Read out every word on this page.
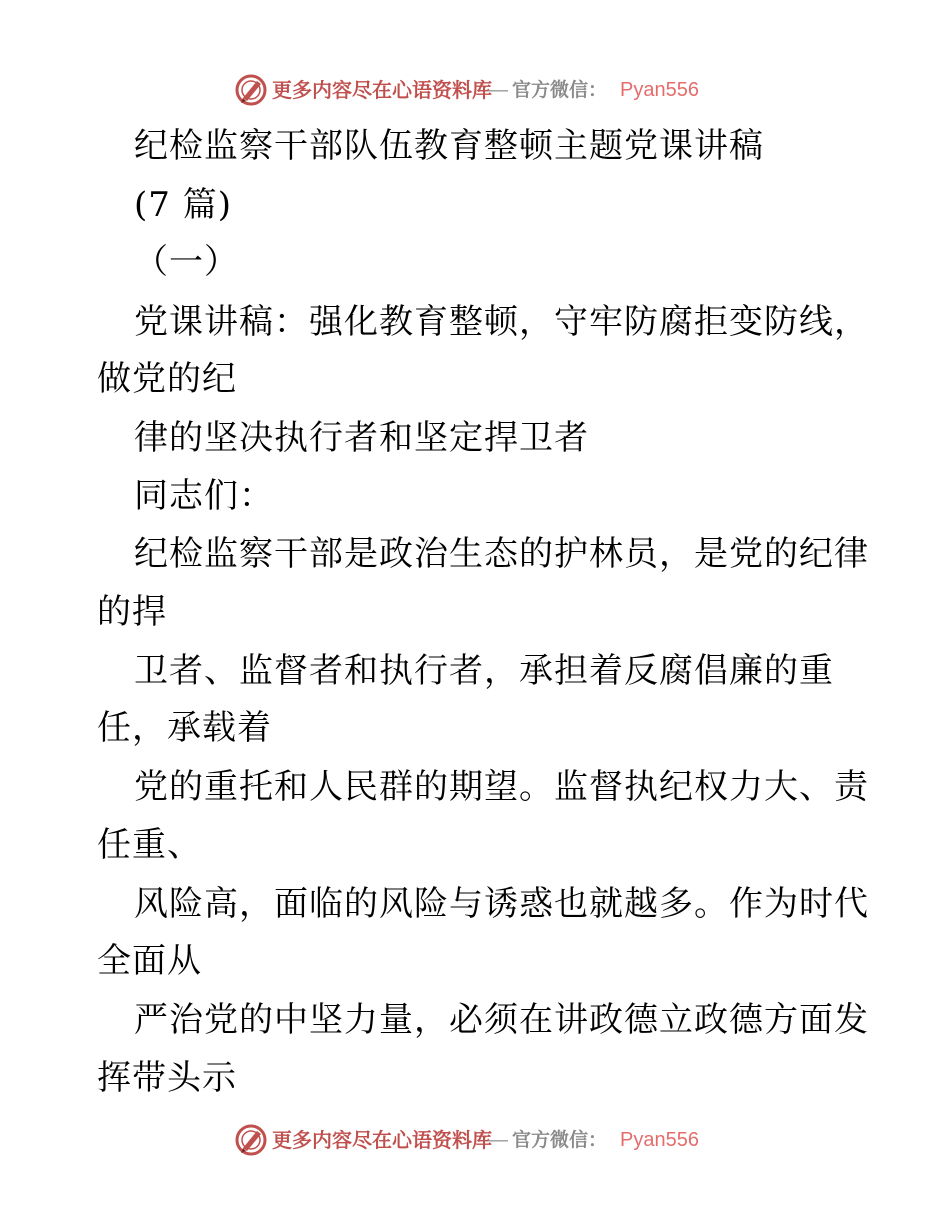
更多内容尽在心语资料库
— 官方微信： Pyan556
纪检监察干部队伍教育整顿主题党课讲稿
(7 篇)
（一）
党课讲稿：强化教育整顿，守牢防腐拒变防线，
做党的纪
律的坚决执行者和坚定捍卫者
同志们：
纪检监察干部是政治生态的护林员，是党的纪律
的捍
卫者、监督者和执行者，承担着反腐倡廉的重
任，承载着
党的重托和人民群的期望。监督执纪权力大、责
任重、
风险高，面临的风险与诱惑也就越多。作为时代
全面从
严治党的中坚力量，必须在讲政德立政德方面发
挥带头示
更多内容尽在心语资料库
— 官方微信： Pyan556
